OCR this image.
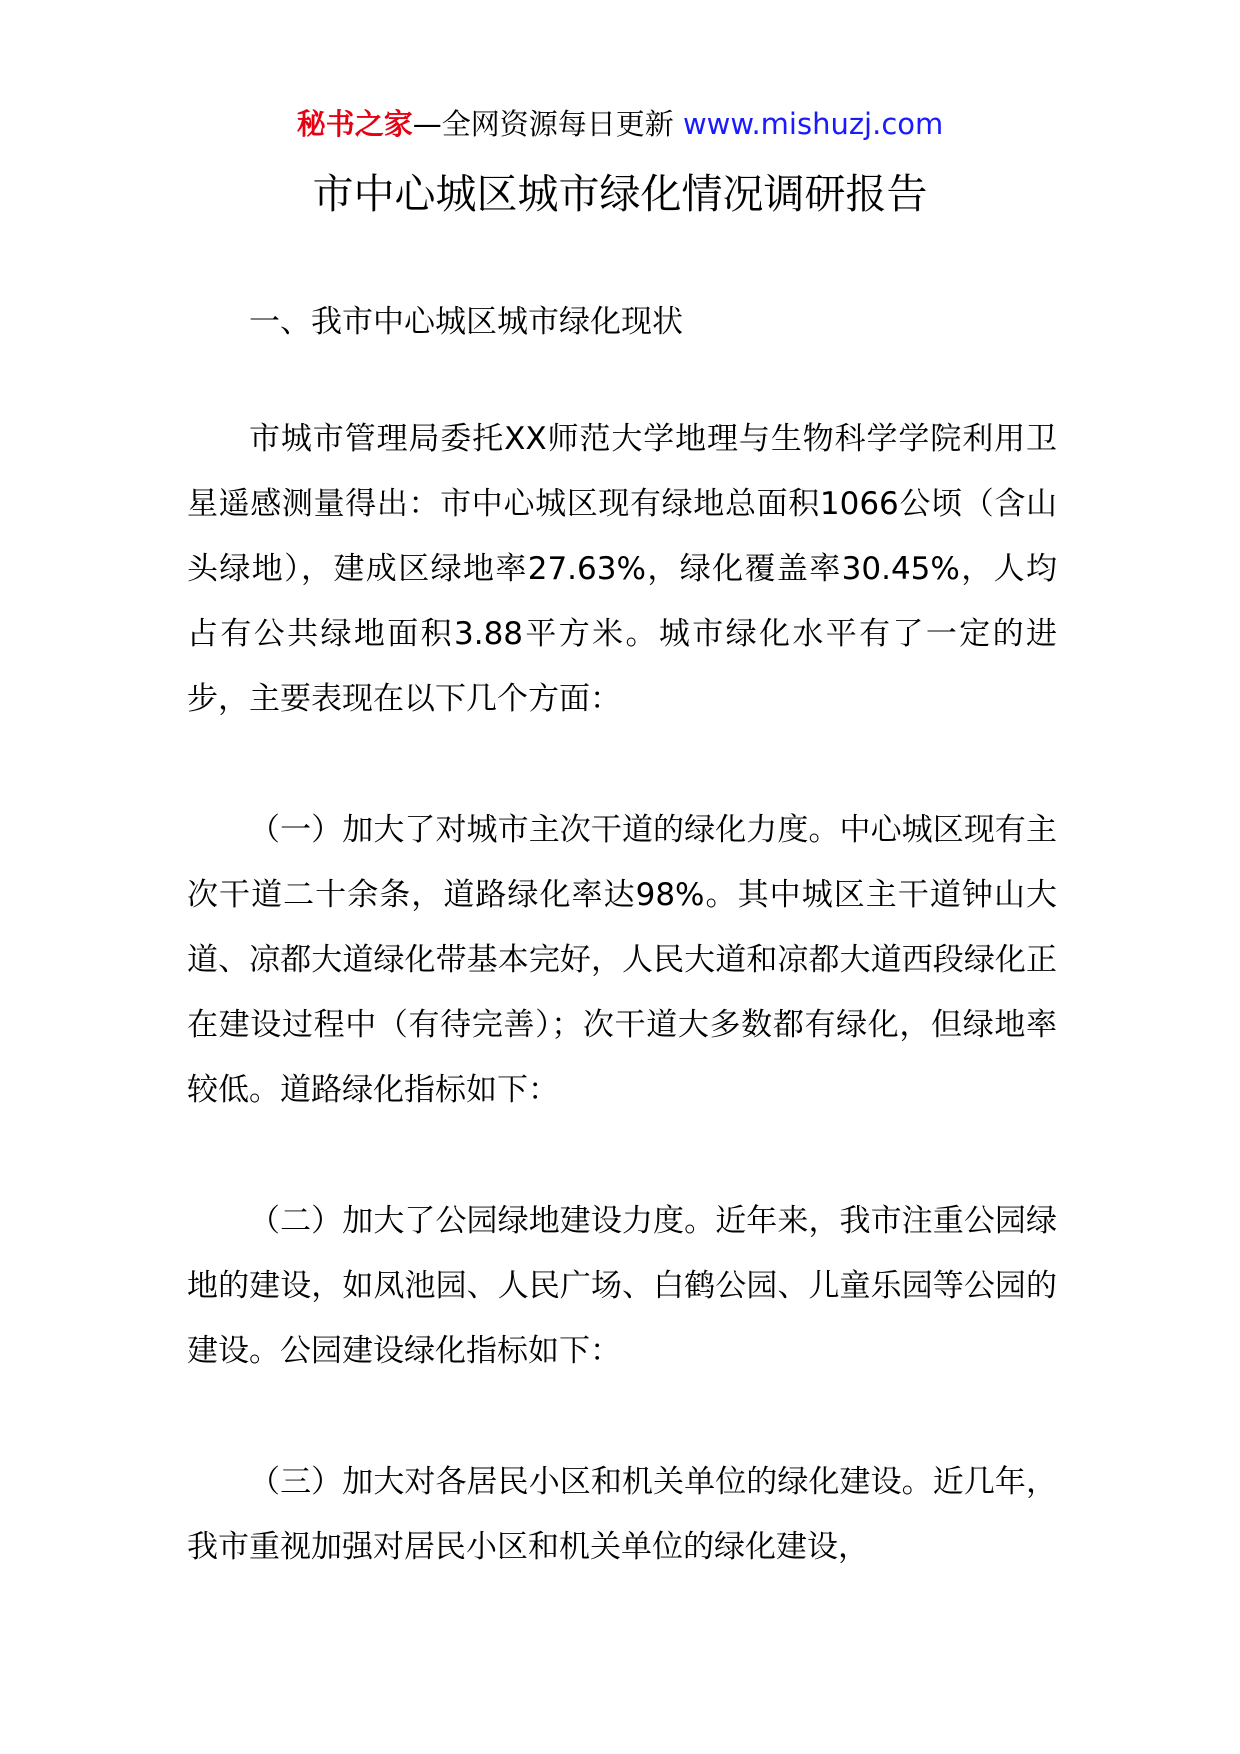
秘书之家—全网资源每日更新 www.mishuzj.com
市中心城区城市绿化情况调研报告

一、我市中心城区城市绿化现状

市城市管理局委托XX师范大学地理与生物科学学院利用卫星遥感测量得出：市中心城区现有绿地总面积1066公顷（含山头绿地），建成区绿地率27.63%，绿化覆盖率30.45%，人均占有公共绿地面积3.88平方米。城市绿化水平有了一定的进步，主要表现在以下几个方面：

（一）加大了对城市主次干道的绿化力度。中心城区现有主次干道二十余条，道路绿化率达98%。其中城区主干道钟山大道、凉都大道绿化带基本完好，人民大道和凉都大道西段绿化正在建设过程中（有待完善）；次干道大多数都有绿化，但绿地率较低。道路绿化指标如下：

（二）加大了公园绿地建设力度。近年来，我市注重公园绿地的建设，如凤池园、人民广场、白鹤公园、儿童乐园等公园的建设。公园建设绿化指标如下：

（三）加大对各居民小区和机关单位的绿化建设。近几年，我市重视加强对居民小区和机关单位的绿化建设，
